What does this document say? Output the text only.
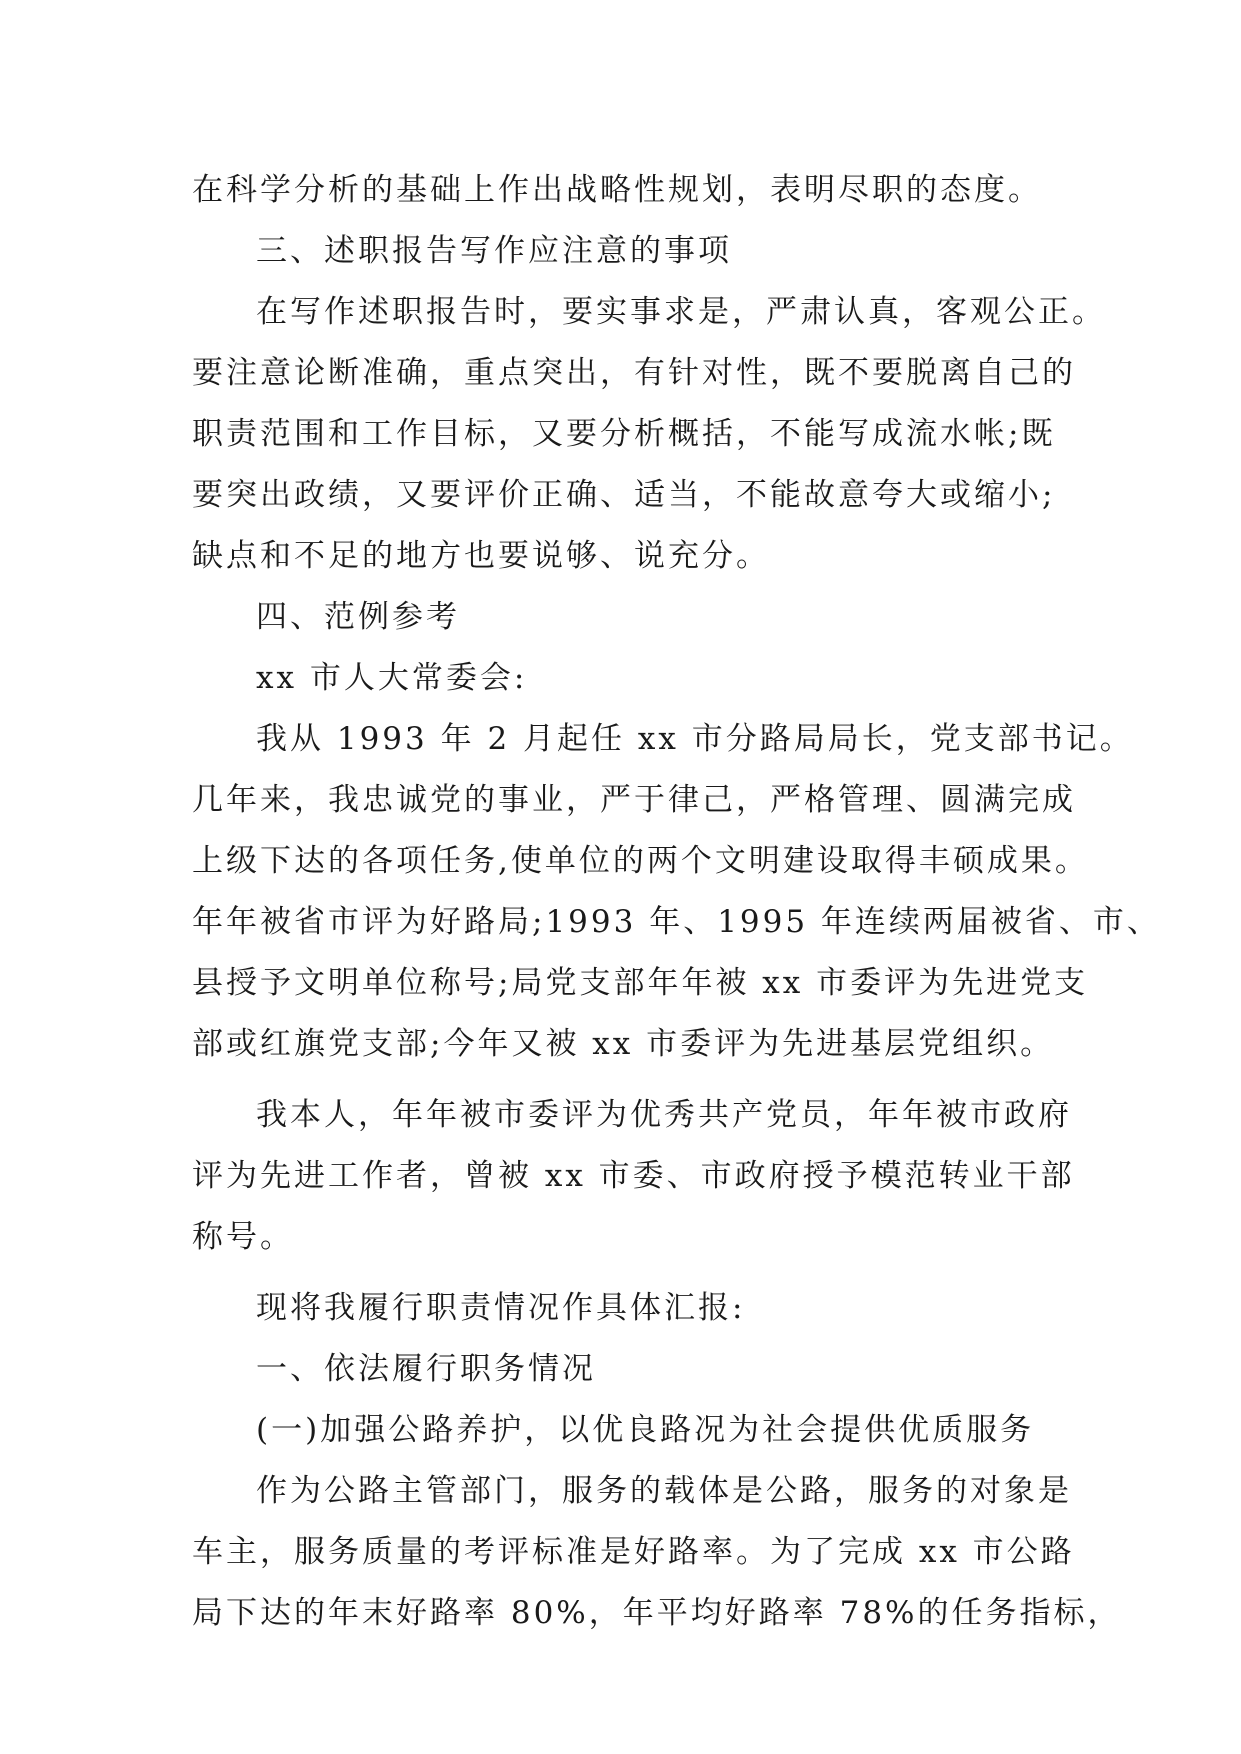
在科学分析的基础上作出战略性规划，表明尽职的态度。

三、述职报告写作应注意的事项

在写作述职报告时，要实事求是，严肃认真，客观公正。

要注意论断准确，重点突出，有针对性，既不要脱离自己的

职责范围和工作目标，又要分析概括，不能写成流水帐;既

要突出政绩，又要评价正确、适当，不能故意夸大或缩小;

缺点和不足的地方也要说够、说充分。

四、范例参考

xx 市人大常委会:

我从 1993 年 2 月起任 xx 市分路局局长，党支部书记。

几年来，我忠诚党的事业，严于律己，严格管理、圆满完成

上级下达的各项任务,使单位的两个文明建设取得丰硕成果。

年年被省市评为好路局;1993 年、1995 年连续两届被省、市、

县授予文明单位称号;局党支部年年被 xx 市委评为先进党支

部或红旗党支部;今年又被 xx 市委评为先进基层党组织。

我本人，年年被市委评为优秀共产党员，年年被市政府

评为先进工作者，曾被 xx 市委、市政府授予模范转业干部

称号。

现将我履行职责情况作具体汇报:

一、依法履行职务情况

(一)加强公路养护，以优良路况为社会提供优质服务

作为公路主管部门，服务的载体是公路，服务的对象是

车主，服务质量的考评标准是好路率。为了完成 xx 市公路

局下达的年末好路率 80%，年平均好路率 78%的任务指标，
